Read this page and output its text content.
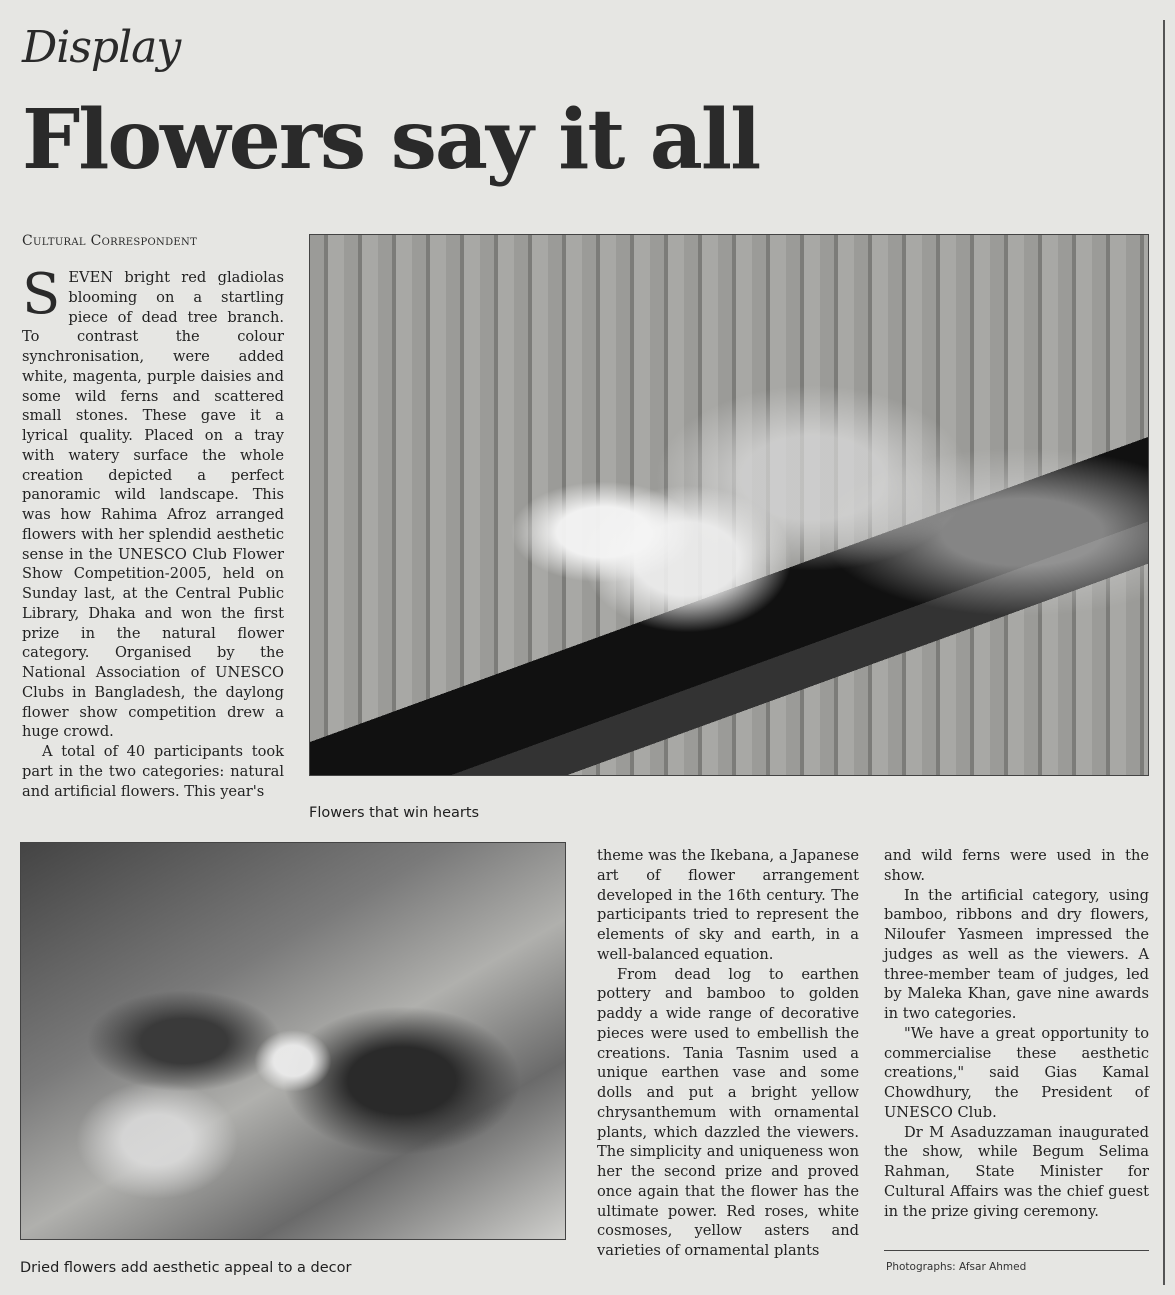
Display
Flowers say it all
Cultural Correspondent

SEVEN bright red gladiolas blooming on a startling piece of dead tree branch. To contrast the colour synchronisation, were added white, magenta, purple daisies and some wild ferns and scattered small stones. These gave it a lyrical quality. Placed on a tray with watery surface the whole creation depicted a perfect panoramic wild landscape. This was how Rahima Afroz arranged flowers with her splendid aesthetic sense in the UNESCO Club Flower Show Competition-2005, held on Sunday last, at the Central Public Library, Dhaka and won the first prize in the natural flower category. Organised by the National Association of UNESCO Clubs in Bangladesh, the daylong flower show competition drew a huge crowd.

A total of 40 participants took part in the two categories: natural and artificial flowers. This year's

Flowers that win hearts
Dried flowers add aesthetic appeal to a decor

theme was the Ikebana, a Japanese art of flower arrangement developed in the 16th century. The participants tried to represent the elements of sky and earth, in a well-balanced equation.

From dead log to earthen pottery and bamboo to golden paddy a wide range of decorative pieces were used to embellish the creations. Tania Tasnim used a unique earthen vase and some dolls and put a bright yellow chrysanthemum with ornamental plants, which dazzled the viewers. The simplicity and uniqueness won her the second prize and proved once again that the flower has the ultimate power. Red roses, white cosmoses, yellow asters and varieties of ornamental plants

and wild ferns were used in the show.

In the artificial category, using bamboo, ribbons and dry flowers, Niloufer Yasmeen impressed the judges as well as the viewers. A three-member team of judges, led by Maleka Khan, gave nine awards in two categories.

"We have a great opportunity to commercialise these aesthetic creations," said Gias Kamal Chowdhury, the President of UNESCO Club.

Dr M Asaduzzaman inaugurated the show, while Begum Selima Rahman, State Minister for Cultural Affairs was the chief guest in the prize giving ceremony.

Photographs: Afsar Ahmed
